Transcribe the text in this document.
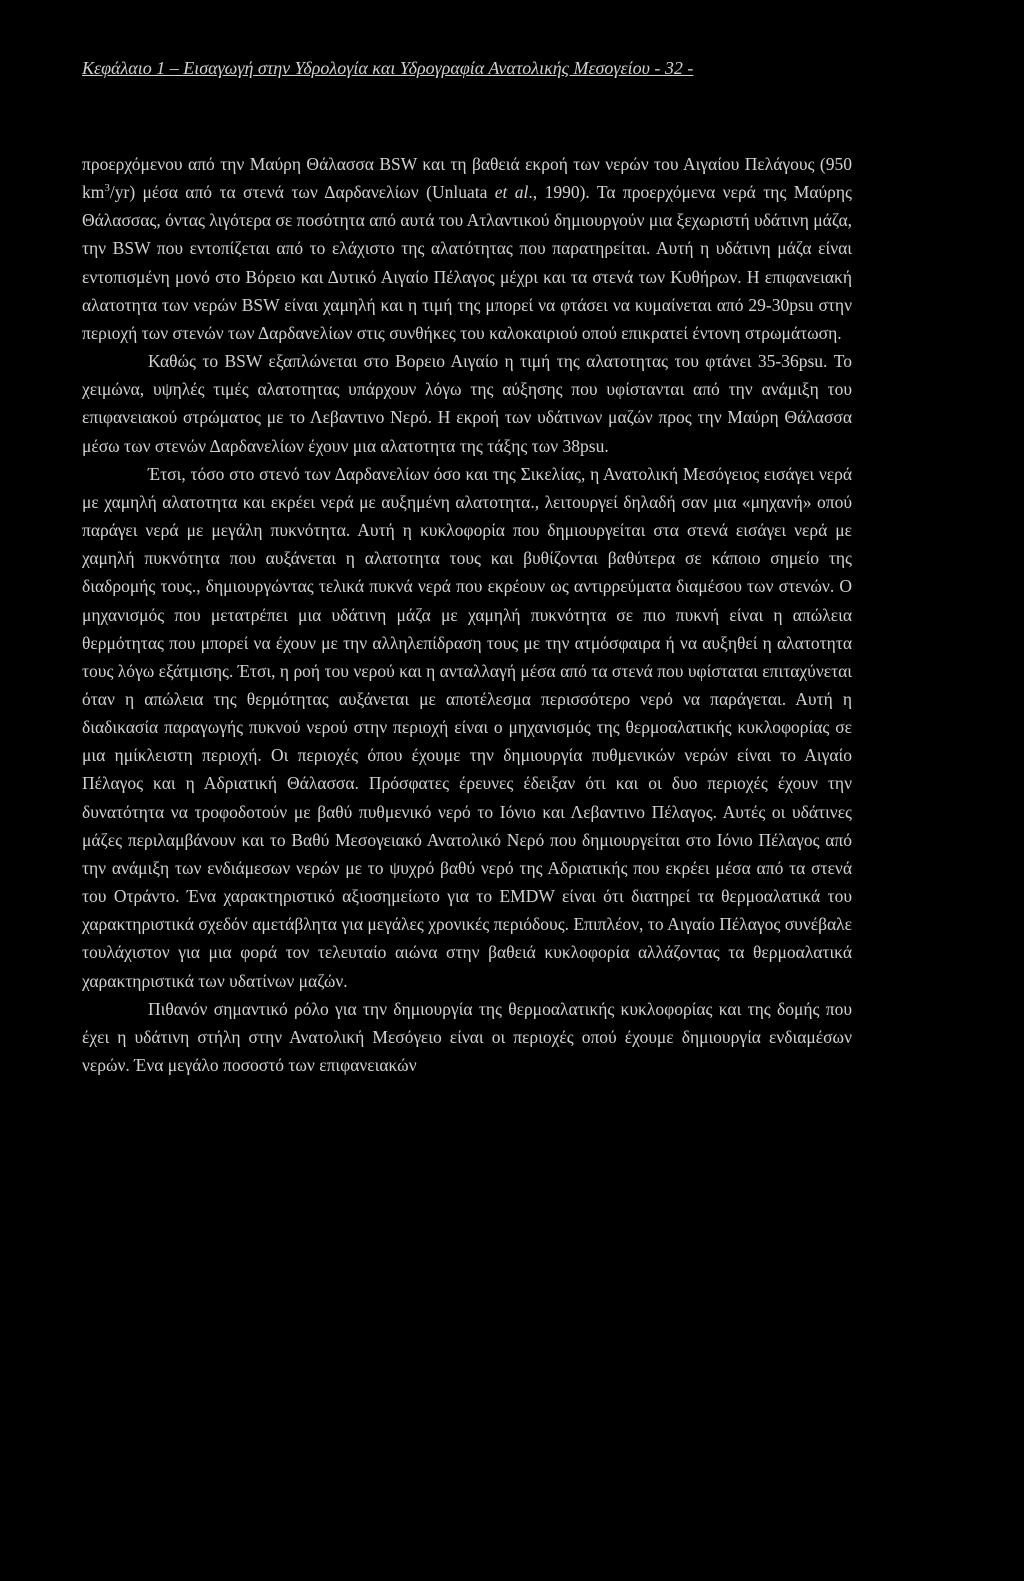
Κεφάλαιο 1 – Εισαγωγή στην Υδρολογία και Υδρογραφία Ανατολικής Μεσογείου - 32 -

προερχόμενου από την Μαύρη Θάλασσα BSW και τη βαθειά εκροή των νερών του Αιγαίου Πελάγους (950 $km^3/yr$) μέσα από τα στενά των Δαρδανελίων (Unluata et al., 1990). Τα προερχόμενα νερά της Μαύρης Θάλασσας, όντας λιγότερα σε ποσότητα από αυτά του Ατλαντικού δημιουργούν μια ξεχωριστή υδάτινη μάζα, την BSW που εντοπίζεται από το ελάχιστο της αλατότητας που παρατηρείται. Αυτή η υδάτινη μάζα είναι εντοπισμένη μονό στο Βόρειο και Δυτικό Αιγαίο Πέλαγος μέχρι και τα στενά των Κυθήρων. Η επιφανειακή αλατοτητα των νερών BSW είναι χαμηλή και η τιμή της μπορεί να φτάσει να κυμαίνεται από 29-30psu στην περιοχή των στενών των Δαρδανελίων στις συνθήκες του καλοκαιριού οπού επικρατεί έντονη στρωμάτωση.

Καθώς το BSW εξαπλώνεται στο Βορειο Αιγαίο η τιμή της αλατοτητας του φτάνει 35-36psu. Το χειμώνα, υψηλές τιμές αλατοτητας υπάρχουν λόγω της αύξησης που υφίστανται από την ανάμιξη του επιφανειακού στρώματος με το Λεβαντινο Νερό. Η εκροή των υδάτινων μαζών προς την Μαύρη Θάλασσα μέσω των στενών Δαρδανελίων έχουν μια αλατοτητα της τάξης των 38psu.

Έτσι, τόσο στο στενό των Δαρδανελίων όσο και της Σικελίας, η Ανατολική Μεσόγειος εισάγει νερά με χαμηλή αλατοτητα και εκρέει νερά με αυξημένη αλατοτητα., λειτουργεί δηλαδή σαν μια «μηχανή» οπού παράγει νερά με μεγάλη πυκνότητα. Αυτή η κυκλοφορία που δημιουργείται στα στενά εισάγει νερά με χαμηλή πυκνότητα που αυξάνεται η αλατοτητα τους και βυθίζονται βαθύτερα σε κάποιο σημείο της διαδρομής τους., δημιουργώντας τελικά πυκνά νερά που εκρέουν ως αντιρρεύματα διαμέσου των στενών. Ο μηχανισμός που μετατρέπει μια υδάτινη μάζα με χαμηλή πυκνότητα σε πιο πυκνή είναι η απώλεια θερμότητας που μπορεί να έχουν με την αλληλεπίδραση τους με την ατμόσφαιρα ή να αυξηθεί η αλατοτητα τους λόγω εξάτμισης. Έτσι, η ροή του νερού και η ανταλλαγή μέσα από τα στενά που υφίσταται επιταχύνεται όταν η απώλεια της θερμότητας αυξάνεται με αποτέλεσμα περισσότερο νερό να παράγεται. Αυτή η διαδικασία παραγωγής πυκνού νερού στην περιοχή είναι ο μηχανισμός της θερμοαλατικής κυκλοφορίας σε μια ημίκλειστη περιοχή. Οι περιοχές όπου έχουμε την δημιουργία πυθμενικών νερών είναι το Αιγαίο Πέλαγος και η Αδριατική Θάλασσα. Πρόσφατες έρευνες έδειξαν ότι και οι δυο περιοχές έχουν την δυνατότητα να τροφοδοτούν με βαθύ πυθμενικό νερό το Ιόνιο και Λεβαντινο Πέλαγος. Αυτές οι υδάτινες μάζες περιλαμβάνουν και το Βαθύ Μεσογειακό Ανατολικό Νερό που δημιουργείται στο Ιόνιο Πέλαγος από την ανάμιξη των ενδιάμεσων νερών με το ψυχρό βαθύ νερό της Αδριατικής που εκρέει μέσα από τα στενά του Οτράντο. Ένα χαρακτηριστικό αξιοσημείωτο για το EMDW είναι ότι διατηρεί τα θερμοαλατικά του χαρακτηριστικά σχεδόν αμετάβλητα για μεγάλες χρονικές περιόδους. Επιπλέον, το Αιγαίο Πέλαγος συνέβαλε τουλάχιστον για μια φορά τον τελευταίο αιώνα στην βαθειά κυκλοφορία αλλάζοντας τα θερμοαλατικά χαρακτηριστικά των υδατίνων μαζών.

Πιθανόν σημαντικό ρόλο για την δημιουργία της θερμοαλατικής κυκλοφορίας και της δομής που έχει η υδάτινη στήλη στην Ανατολική Μεσόγειο είναι οι περιοχές οπού έχουμε δημιουργία ενδιαμέσων νερών. Ένα μεγάλο ποσοστό των επιφανειακών
